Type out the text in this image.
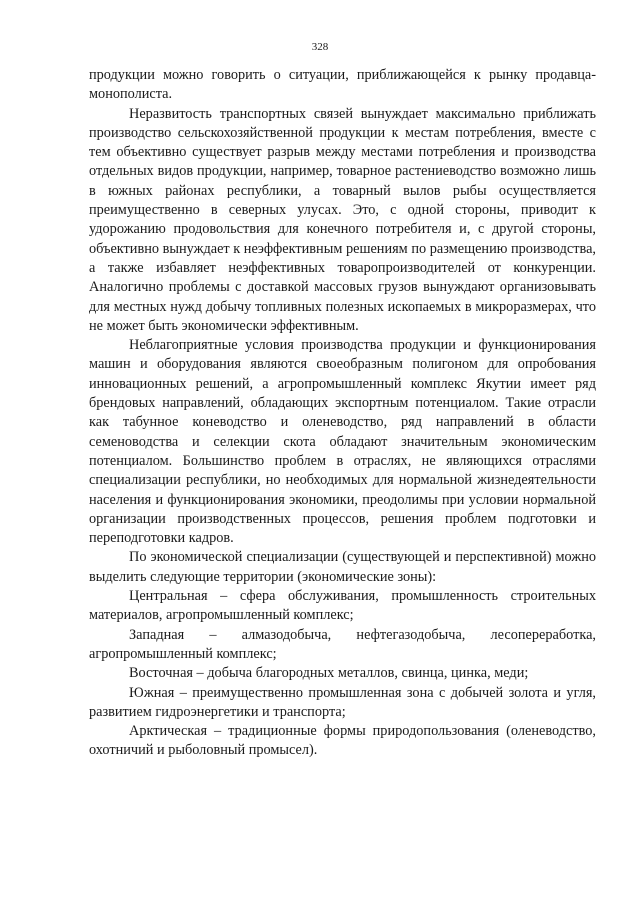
328

продукции можно говорить о ситуации, приближающейся к рынку продавца-монополиста.

Неразвитость транспортных связей вынуждает максимально приближать производство сельскохозяйственной продукции к местам потребления, вместе с тем объективно существует разрыв между местами потребления и производства отдельных видов продукции, например, товарное растениеводство возможно лишь в южных районах республики, а товарный вылов рыбы осуществляется преимущественно в северных улусах. Это, с одной стороны, приводит к удорожанию продовольствия для конечного потребителя и, с другой стороны, объективно вынуждает к неэффективным решениям по размещению производства, а также избавляет неэффективных товаропроизводителей от конкуренции. Аналогично проблемы с доставкой массовых грузов вынуждают организовывать для местных нужд добычу топливных полезных ископаемых в микроразмерах, что не может быть экономически эффективным.

Неблагоприятные условия производства продукции и функционирования машин и оборудования являются своеобразным полигоном для опробования инновационных решений, а агропромышленный комплекс Якутии имеет ряд брендовых направлений, обладающих экспортным потенциалом. Такие отрасли как табунное коневодство и оленеводство, ряд направлений в области семеноводства и селекции скота обладают значительным экономическим потенциалом. Большинство проблем в отраслях, не являющихся отраслями специализации республики, но необходимых для нормальной жизнедеятельности населения и функционирования экономики, преодолимы при условии нормальной организации производственных процессов, решения проблем подготовки и переподготовки кадров.

По экономической специализации (существующей и перспективной) можно выделить следующие территории (экономические зоны):

Центральная – сфера обслуживания, промышленность строительных материалов, агропромышленный комплекс;

Западная – алмазодобыча, нефтегазодобыча, лесопереработка, агропромышленный комплекс;

Восточная – добыча благородных металлов, свинца, цинка, меди;

Южная – преимущественно промышленная зона с добычей золота и угля, развитием гидроэнергетики и транспорта;

Арктическая – традиционные формы природопользования (оленеводство, охотничий и рыболовный промысел).
